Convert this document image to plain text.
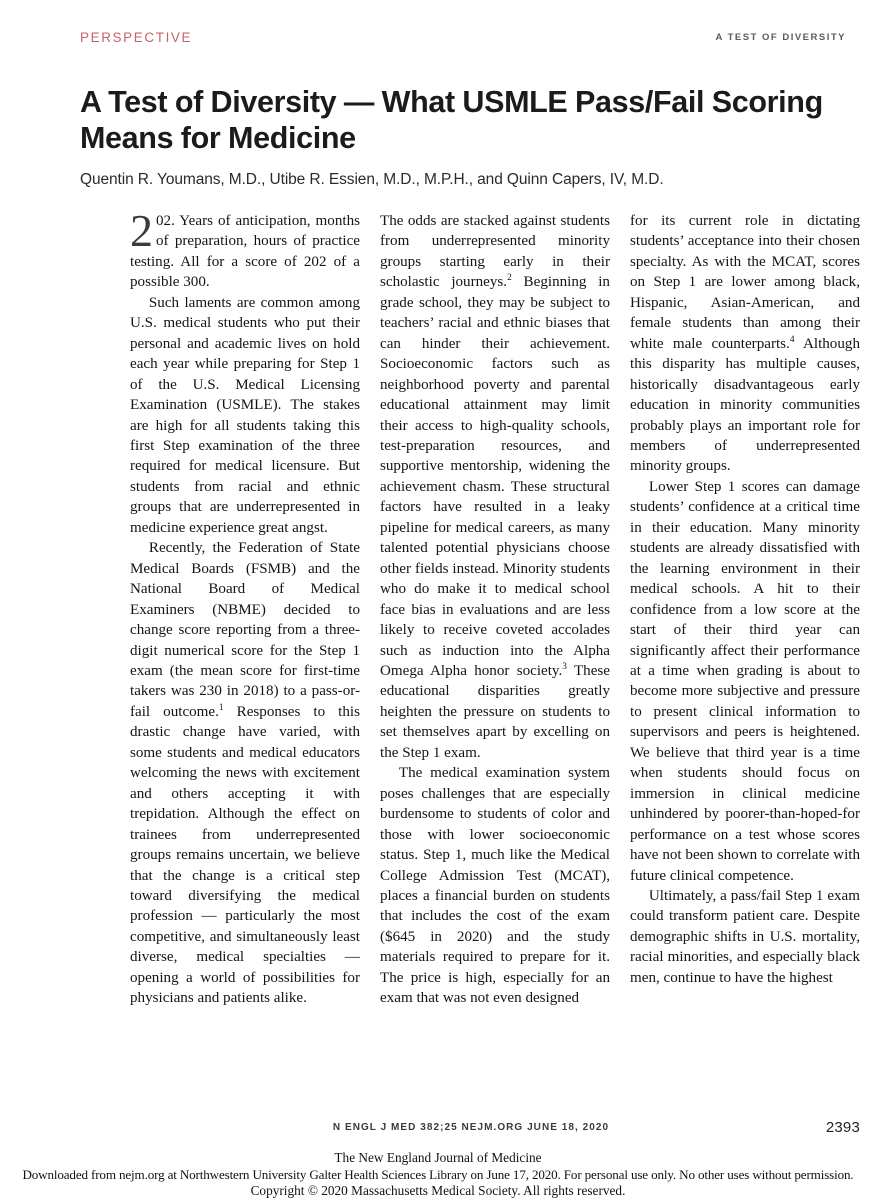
PERSPECTIVE	A TEST OF DIVERSITY
A Test of Diversity — What USMLE Pass/Fail Scoring Means for Medicine
Quentin R. Youmans, M.D., Utibe R. Essien, M.D., M.P.H., and Quinn Capers, IV, M.D.

2 02. Years of anticipation, months of preparation, hours of practice testing. All for a score of 202 of a possible 300.

Such laments are common among U.S. medical students who put their personal and academic lives on hold each year while preparing for Step 1 of the U.S. Medical Licensing Examination (USMLE). The stakes are high for all students taking this first Step examination of the three required for medical licensure. But students from racial and ethnic groups that are underrepresented in medicine experience great angst.

Recently, the Federation of State Medical Boards (FSMB) and the National Board of Medical Examiners (NBME) decided to change score reporting from a three-digit numerical score for the Step 1 exam (the mean score for first-time takers was 230 in 2018) to a pass-or-fail outcome.$^1$ Responses to this drastic change have varied, with some students and medical educators welcoming the news with excitement and others accepting it with trepidation. Although the effect on trainees from underrepresented groups remains uncertain, we believe that the change is a critical step toward diversifying the medical profession — particularly the most competitive, and simultaneously least diverse, medical specialties — opening a world of possibilities for physicians and patients alike.

The odds are stacked against students from underrepresented minority groups starting early in their scholastic journeys.$^2$ Beginning in grade school, they may be subject to teachers’ racial and ethnic biases that can hinder their achievement. Socioeconomic factors such as neighborhood poverty and parental educational attainment may limit their access to high-quality schools, test-preparation resources, and supportive mentorship, widening the achievement chasm. These structural factors have resulted in a leaky pipeline for medical careers, as many talented potential physicians choose other fields instead. Minority students who do make it to medical school face bias in evaluations and are less likely to receive coveted accolades such as induction into the Alpha Omega Alpha honor society.$^3$ These educational disparities greatly heighten the pressure on students to set themselves apart by excelling on the Step 1 exam.

The medical examination system poses challenges that are especially burdensome to students of color and those with lower socioeconomic status. Step 1, much like the Medical College Admission Test (MCAT), places a financial burden on students that includes the cost of the exam ($645 in 2020) and the study materials required to prepare for it. The price is high, especially for an exam that was not even designed

for its current role in dictating students’ acceptance into their chosen specialty. As with the MCAT, scores on Step 1 are lower among black, Hispanic, Asian-American, and female students than among their white male counterparts.$^4$ Although this disparity has multiple causes, historically disadvantageous early education in minority communities probably plays an important role for members of underrepresented minority groups.

Lower Step 1 scores can damage students’ confidence at a critical time in their education. Many minority students are already dissatisfied with the learning environment in their medical schools. A hit to their confidence from a low score at the start of their third year can significantly affect their performance at a time when grading is about to become more subjective and pressure to present clinical information to supervisors and peers is heightened. We believe that third year is a time when students should focus on immersion in clinical medicine unhindered by poorer-than-hoped-for performance on a test whose scores have not been shown to correlate with future clinical competence.

Ultimately, a pass/fail Step 1 exam could transform patient care. Despite demographic shifts in U.S. mortality, racial minorities, and especially black men, continue to have the highest

N ENGL J MED 382;25 NEJM.ORG JUNE 18, 2020	2393
The New England Journal of Medicine
Downloaded from nejm.org at Northwestern University Galter Health Sciences Library on June 17, 2020. For personal use only. No other uses without permission.
Copyright © 2020 Massachusetts Medical Society. All rights reserved.
